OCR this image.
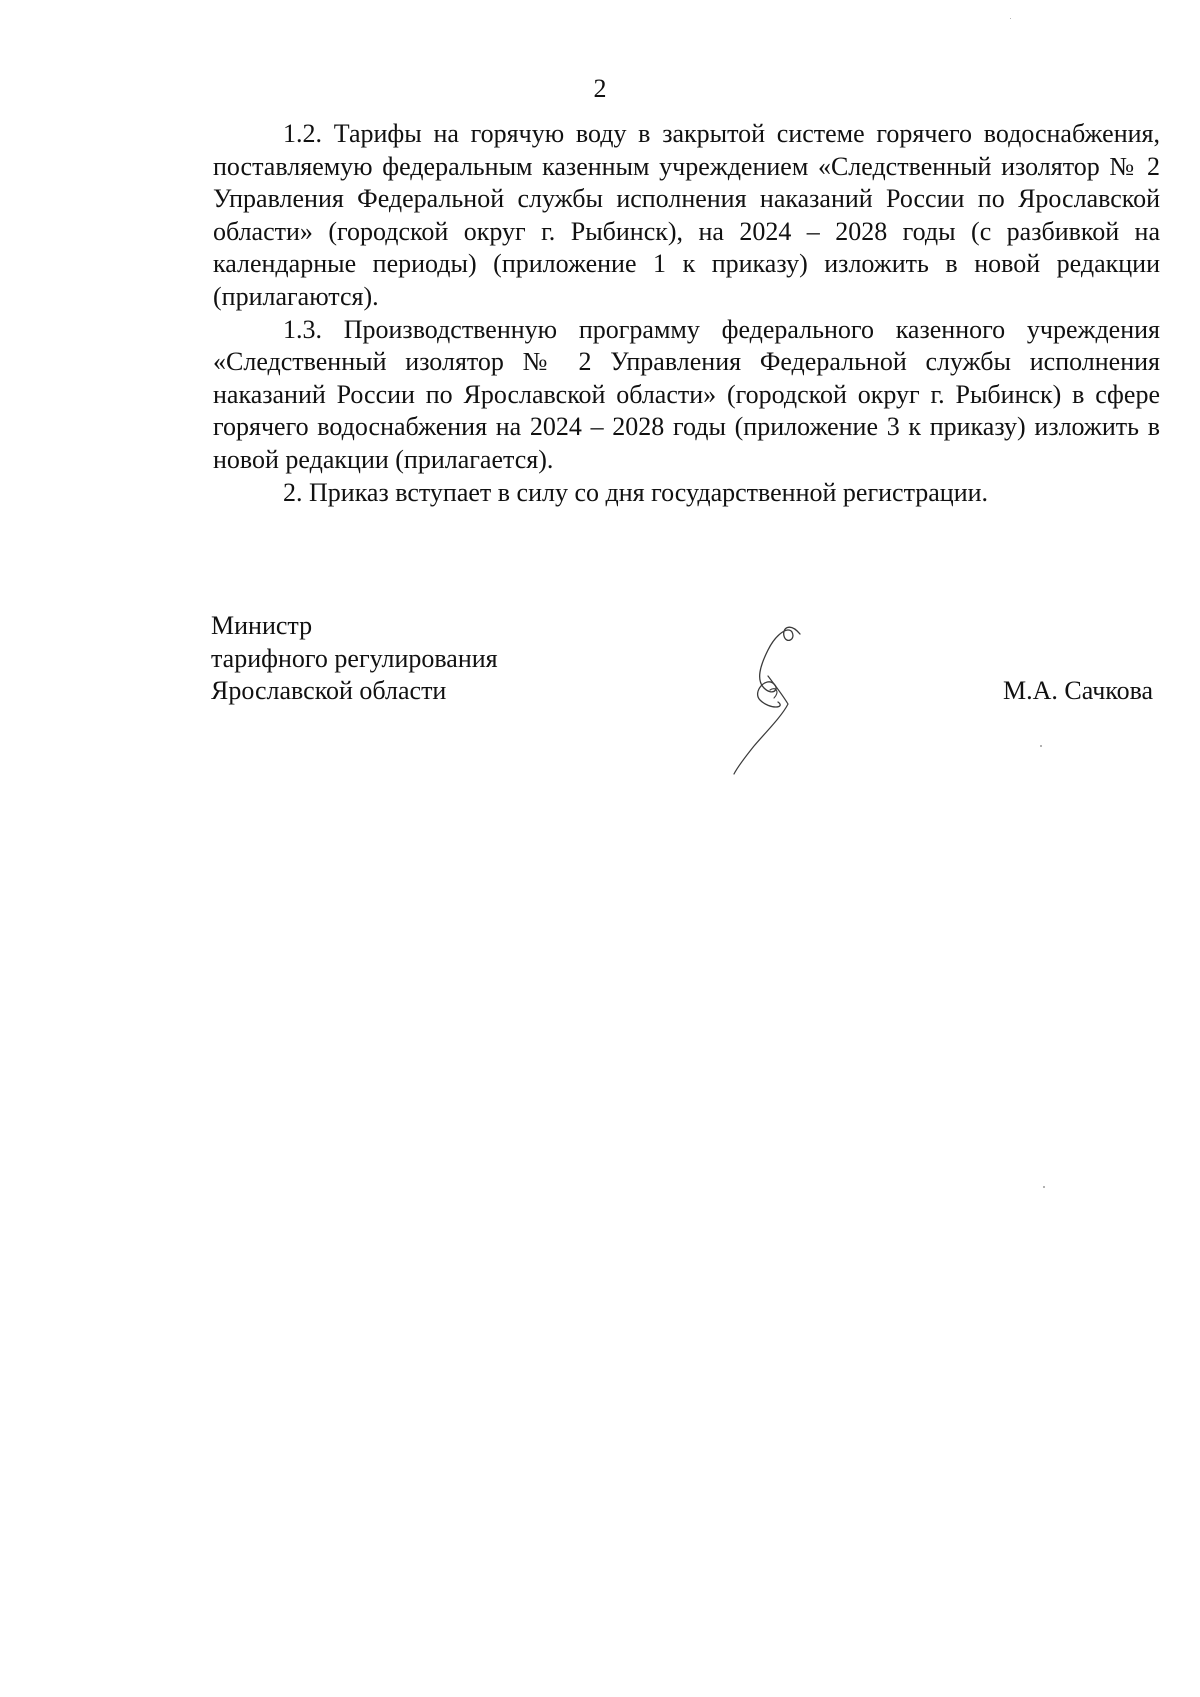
2

1.2. Тарифы на горячую воду в закрытой системе горячего водоснабжения, поставляемую федеральным казенным учреждением «Следственный изолятор № 2 Управления Федеральной службы исполнения наказаний России по Ярославской области» (городской округ г. Рыбинск), на 2024 – 2028 годы (с разбивкой на календарные периоды) (приложение 1 к приказу) изложить в новой редакции (прилагаются).

1.3. Производственную программу федерального казенного учреждения «Следственный изолятор № 2 Управления Федеральной службы исполнения наказаний России по Ярославской области» (городской округ г. Рыбинск) в сфере горячего водоснабжения на 2024 – 2028 годы (приложение 3 к приказу) изложить в новой редакции (прилагается).

2. Приказ вступает в силу со дня государственной регистрации.

Министр
тарифного регулирования
Ярославской области	М.А. Сачкова
